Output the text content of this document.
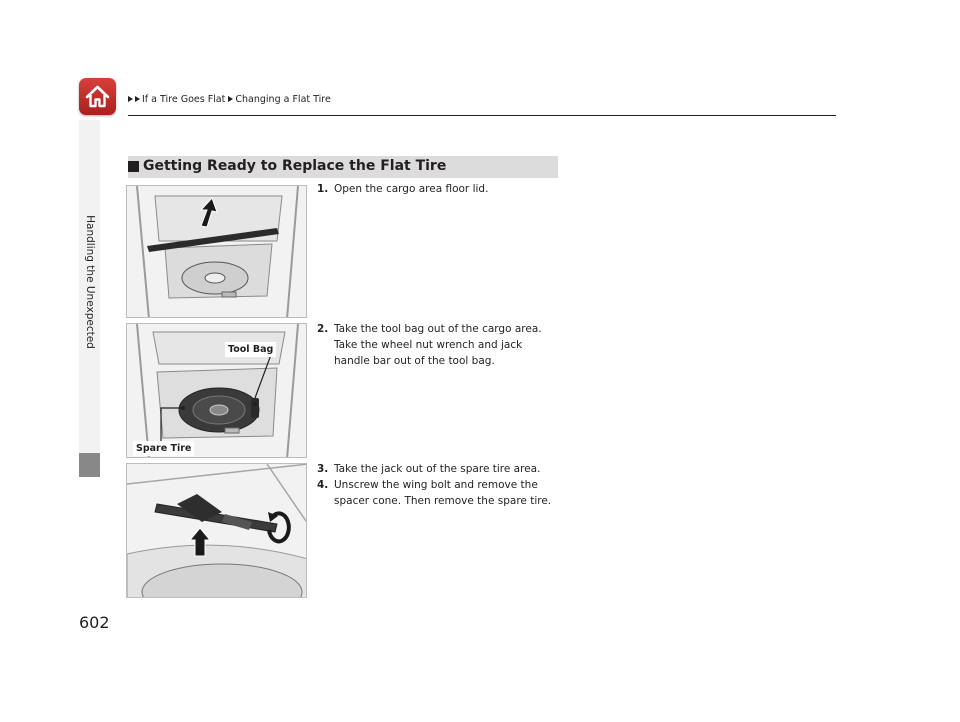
If a Tire Goes Flat Changing a Flat Tire
Handling the Unexpected
602
Getting Ready to Replace the Flat Tire
Tool Bag
Spare Tire
1. Open the cargo area floor lid.
2. Take the tool bag out of the cargo area. Take the wheel nut wrench and jack handle bar out of the tool bag.
3. Take the jack out of the spare tire area.
4. Unscrew the wing bolt and remove the spacer cone. Then remove the spare tire.
